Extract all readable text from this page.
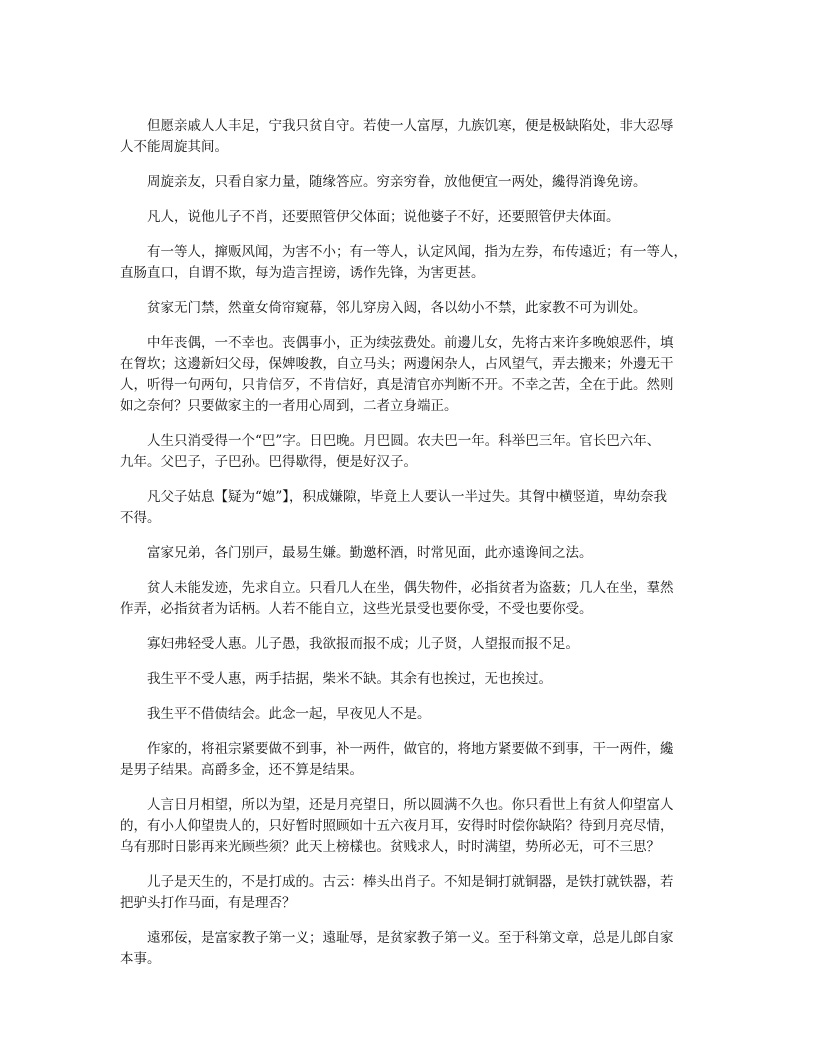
但愿亲戚人人丰足，宁我只贫自守。若使一人富厚，九族饥寒，便是极缺陷处，非大忍辱
人不能周旋其间。

周旋亲友，只看自家力量，随缘答应。穷亲穷眷，放他便宜一两处，纔得消谗免谤。

凡人，说他儿子不肖，还要照管伊父体面；说他婆子不好，还要照管伊夫体面。

有一等人，撺贩风闻，为害不小；有一等人，认定风闻，指为左券，布传遠近；有一等人，
直肠直口，自谓不欺，每为造言捏谤，诱作先锋，为害更甚。

贫家无门禁，然童女倚帘窥幕，邻儿穿房入闼，各以幼小不禁，此家教不可为训处。

中年丧偶，一不幸也。丧偶事小，正为续弦费处。前邊儿女，先将古来许多晚娘恶件，填
在胷坎；这邊新妇父母，保婢唆教，自立马头；两邊闲杂人，占风望气，弄去搬来；外邊无干
人，听得一句两句，只肯信歹，不肯信好，真是清官亦判断不开。不幸之苦，全在于此。然则
如之奈何？只要做家主的一者用心周到，二者立身端正。

人生只消受得一个“巴”字。日巴晚。月巴圆。农夫巴一年。科举巴三年。官长巴六年、
九年。父巴子，子巴孙。巴得歇得，便是好汉子。

凡父子姑息【疑为“媳”】，积成嫌隙，毕竟上人要认一半过失。其胷中横竖道，卑幼奈我
不得。

富家兄弟，各门别戸，最易生嫌。勤邀杯酒，时常见面，此亦遠谗间之法。

贫人未能发迹，先求自立。只看几人在坐，偶失物件，必指贫者为盗薮；几人在坐，羣然
作弄，必指贫者为话柄。人若不能自立，这些光景受也要你受，不受也要你受。

寡妇弗轻受人惠。儿子愚，我欲报而报不成；儿子贤，人望报而报不足。

我生平不受人惠，两手拮据，柴米不缺。其余有也挨过，无也挨过。

我生平不借债结会。此念一起，早夜见人不是。

作家的，将祖宗紧要做不到事，补一两件，做官的，将地方紧要做不到事，干一两件，纔
是男子结果。高爵多金，还不算是结果。

人言日月相望，所以为望，还是月亮望日，所以圆满不久也。你只看世上有贫人仰望富人
的，有小人仰望贵人的，只好暂时照顾如十五六夜月耳，安得时时偿你缺陷？待到月亮尽情，
乌有那时日影再来光顾些须？此天上榜樣也。贫贱求人，时时满望，势所必无，可不三思？

儿子是天生的，不是打成的。古云：棒头出肖子。不知是铜打就铜器，是铁打就铁器，若
把驴头打作马面，有是理否？

遠邪佞，是富家教子第一义；遠耻辱，是贫家教子第一义。至于科第文章，总是儿郎自家
本事。
